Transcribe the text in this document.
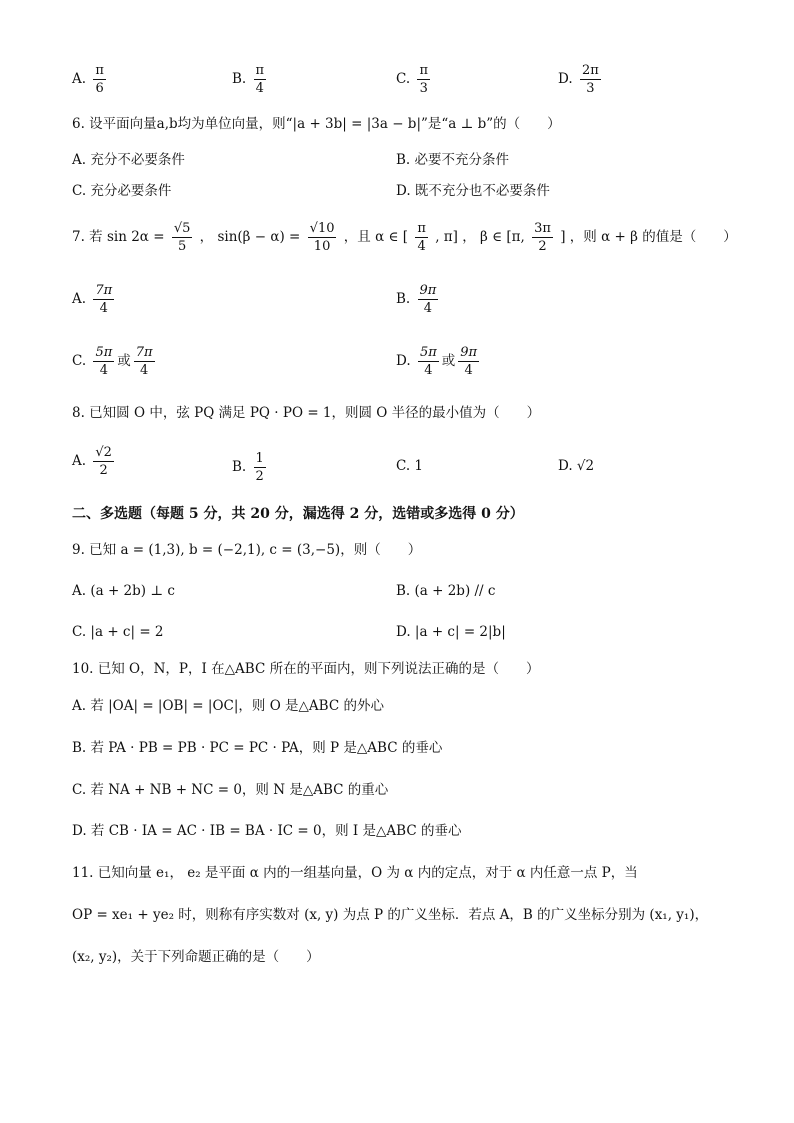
A. $\frac{\pi}{6}$	B. $\frac{\pi}{4}$	C. $\frac{\pi}{3}$	D. $\frac{2\pi}{3}$
6. 设平面向量a,b均为单位向量，则“|a + 3b| = |3a − b|”是“a ⊥ b”的（　　）
A. 充分不必要条件	B. 必要不充分条件
C. 充分必要条件	D. 既不充分也不必要条件
7. 若 $\sin 2\alpha = \frac{√5}{5}$ ， $\sin(\beta - \alpha) = \frac{√10}{10}$ ，且 α ∈ [ $\frac{\pi}{4}$ , π] ， β ∈ [π, $\frac{3\pi}{2}$ ] ，则 α + β 的值是（　　）
A. $\frac{7\pi}{4}$	B. $\frac{9\pi}{4}$
C. $\frac{5\pi}{4}$ 或 $\frac{7\pi}{4}$	D. $\frac{5\pi}{4}$ 或 $\frac{9\pi}{4}$
8. 已知圆 O 中，弦 PQ 满足 PQ · PO = 1，则圆 O 半径的最小值为（　　）
A. $\frac{√2}{2}$	B. $\frac{1}{2}$	C. 1	D. √2
二、多选题（每题 5 分，共 20 分，漏选得 2 分，选错或多选得 0 分）
9. 已知 a = (1,3), b = (−2,1), c = (3,−5)，则（　　）
A. (a + 2b) ⊥ c	B. (a + 2b) // c
C. |a + c| = 2	D. |a + c| = 2|b|
10. 已知 O，N，P，I 在△ABC 所在的平面内，则下列说法正确的是（　　）
A. 若 |OA| = |OB| = |OC|，则 O 是△ABC 的外心
B. 若 PA · PB = PB · PC = PC · PA，则 P 是△ABC 的垂心
C. 若 NA + NB + NC = 0，则 N 是△ABC 的重心
D. 若 CB · IA = AC · IB = BA · IC = 0，则 I 是△ABC 的垂心
11. 已知向量 e₁， e₂ 是平面 α 内的一组基向量，O 为 α 内的定点，对于 α 内任意一点 P，当
OP = xe₁ + ye₂ 时，则称有序实数对 (x, y) 为点 P 的广义坐标．若点 A，B 的广义坐标分别为 (x₁, y₁)，
(x₂, y₂)，关于下列命题正确的是（　　）
